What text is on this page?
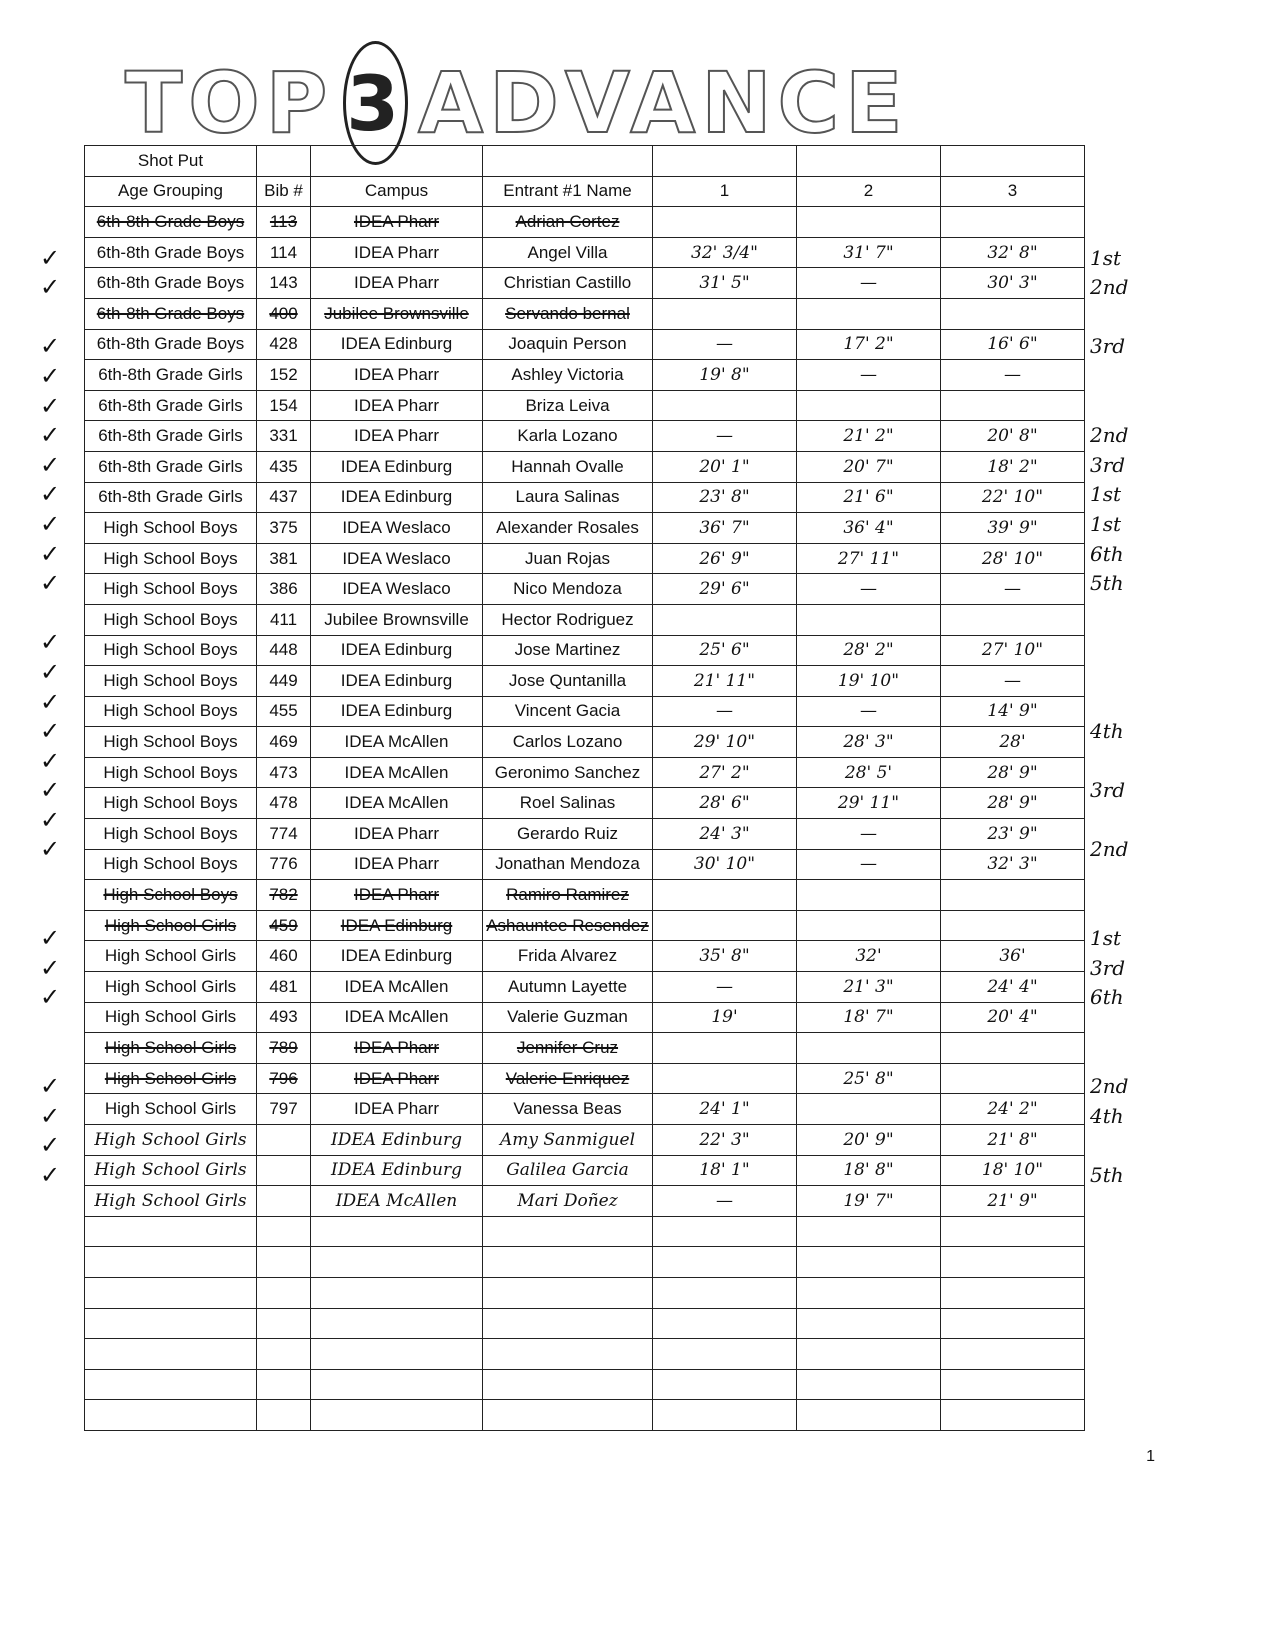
TOP 3 ADVANCE
Shot Put						
Age Grouping	Bib #	Campus	Entrant #1 Name	1	2	3
6th-8th Grade Boys	113	IDEA Pharr	Adrian Cortez			
6th-8th Grade Boys	114	IDEA Pharr	Angel Villa	32' 3/4"	31' 7"	32' 8"
6th-8th Grade Boys	143	IDEA Pharr	Christian Castillo	31' 5"	—	30' 3"
6th-8th Grade Boys	400	Jubilee Brownsville	Servando bernal			
6th-8th Grade Boys	428	IDEA Edinburg	Joaquin Person	—	17' 2"	16' 6"
6th-8th Grade Girls	152	IDEA Pharr	Ashley Victoria	19' 8"	—	—
6th-8th Grade Girls	154	IDEA Pharr	Briza Leiva			
6th-8th Grade Girls	331	IDEA Pharr	Karla Lozano	—	21' 2"	20' 8"
6th-8th Grade Girls	435	IDEA Edinburg	Hannah Ovalle	20' 1"	20' 7"	18' 2"
6th-8th Grade Girls	437	IDEA Edinburg	Laura Salinas	23' 8"	21' 6"	22' 10"
High School Boys	375	IDEA Weslaco	Alexander Rosales	36' 7"	36' 4"	39' 9"
High School Boys	381	IDEA Weslaco	Juan Rojas	26' 9"	27' 11"	28' 10"
High School Boys	386	IDEA Weslaco	Nico Mendoza	29' 6"	—	—
High School Boys	411	Jubilee Brownsville	Hector Rodriguez			
High School Boys	448	IDEA Edinburg	Jose Martinez	25' 6"	28' 2"	27' 10"
High School Boys	449	IDEA Edinburg	Jose Quntanilla	21' 11"	19' 10"	—
High School Boys	455	IDEA Edinburg	Vincent Gacia	—	—	14' 9"
High School Boys	469	IDEA McAllen	Carlos Lozano	29' 10"	28' 3"	28'
High School Boys	473	IDEA McAllen	Geronimo Sanchez	27' 2"	28' 5'	28' 9"
High School Boys	478	IDEA McAllen	Roel Salinas	28' 6"	29' 11"	28' 9"
High School Boys	774	IDEA Pharr	Gerardo Ruiz	24' 3"	—	23' 9"
High School Boys	776	IDEA Pharr	Jonathan Mendoza	30' 10"	—	32' 3"
High School Boys	782	IDEA Pharr	Ramiro Ramirez			
High School Girls	459	IDEA Edinburg	Ashauntee Resendez			
High School Girls	460	IDEA Edinburg	Frida Alvarez	35' 8"	32'	36'
High School Girls	481	IDEA McAllen	Autumn Layette	—	21' 3"	24' 4"
High School Girls	493	IDEA McAllen	Valerie Guzman	19'	18' 7"	20' 4"
High School Girls	789	IDEA Pharr	Jennifer Cruz			
High School Girls	796	IDEA Pharr	Valerie Enriquez		25' 8"	
High School Girls	797	IDEA Pharr	Vanessa Beas	24' 1"		24' 2"
High School Girls		IDEA Edinburg	Amy Sanmiguel	22' 3"	20' 9"	21' 8"
High School Girls		IDEA Edinburg	Galilea Garcia	18' 1"	18' 8"	18' 10"
High School Girls		IDEA McAllen	Mari Doñez	—	19' 7"	21' 9"

✓
✓
✓
✓
✓
✓
✓
✓
✓
✓
✓
✓
✓
✓
✓
✓
✓
✓
✓
✓
✓
✓
✓
✓
✓
✓
1st
2nd
3rd
2nd
3rd
1st
1st
6th
5th
4th
3rd
2nd
1st
3rd
6th
2nd
4th
5th
1
